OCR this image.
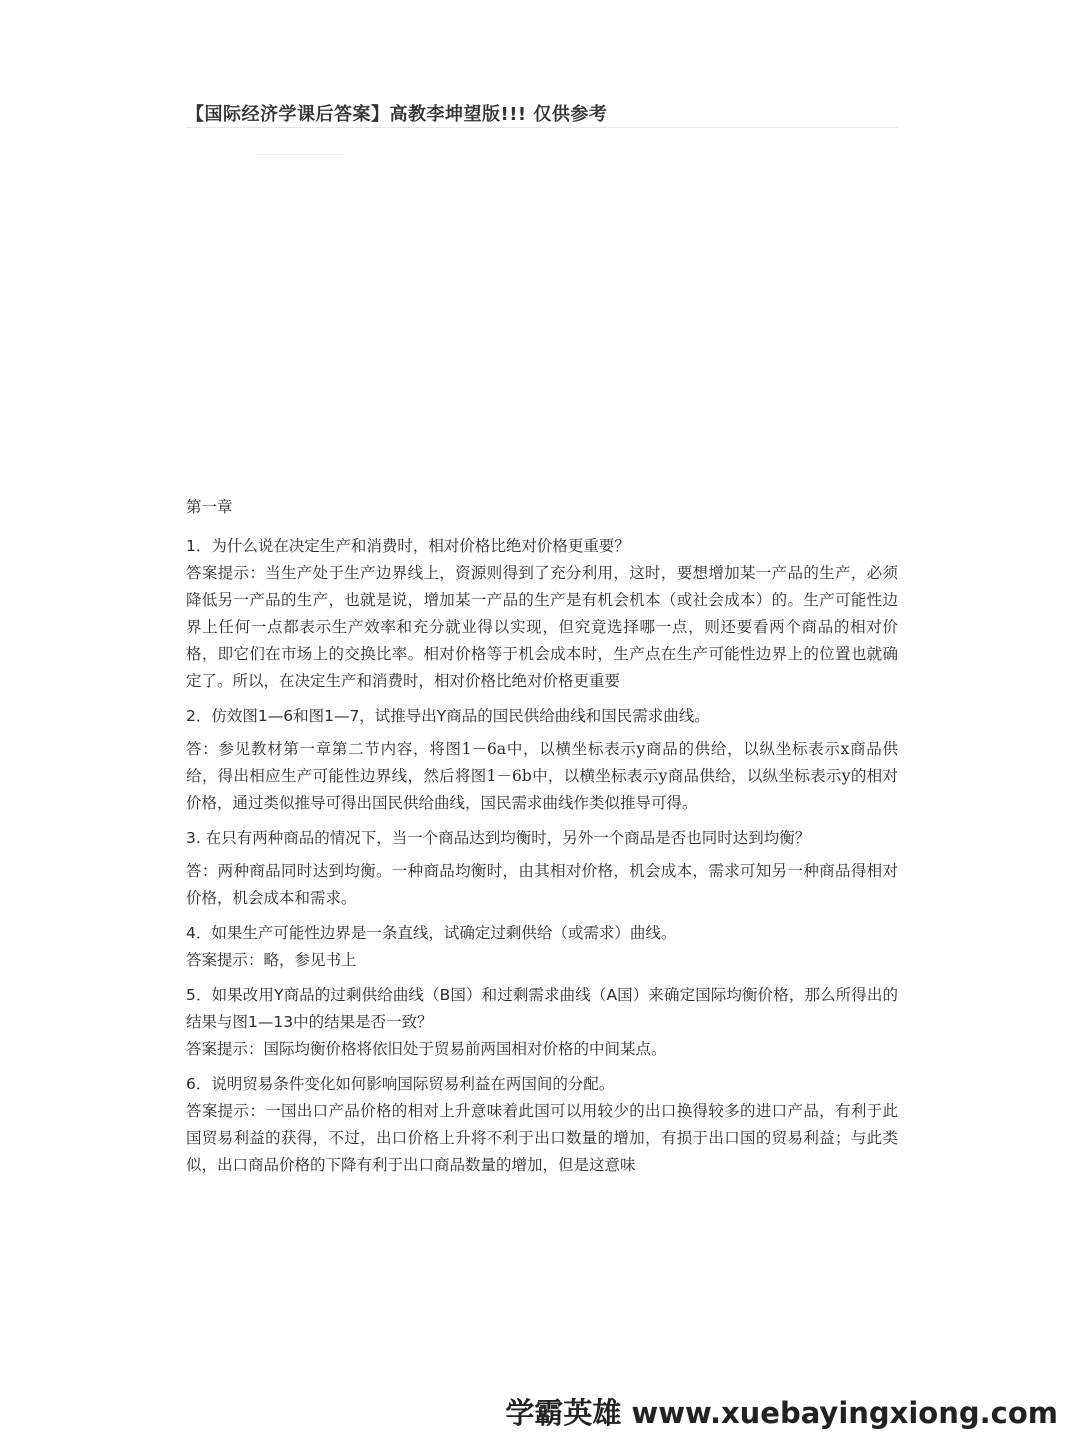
【国际经济学课后答案】高教李坤望版!!! 仅供参考

第一章

1．为什么说在决定生产和消费时，相对价格比绝对价格更重要？

答案提示：当生产处于生产边界线上，资源则得到了充分利用，这时，要想增加某一产品的生产，必须降低另一产品的生产，也就是说，增加某一产品的生产是有机会机本（或社会成本）的。生产可能性边界上任何一点都表示生产效率和充分就业得以实现，但究竟选择哪一点，则还要看两个商品的相对价格，即它们在市场上的交换比率。相对价格等于机会成本时，生产点在生产可能性边界上的位置也就确定了。所以，在决定生产和消费时，相对价格比绝对价格更重要

2．仿效图1—6和图1—7，试推导出Y商品的国民供给曲线和国民需求曲线。

答：参见教材第一章第二节内容，将图1－6a中，以横坐标表示y商品的供给，以纵坐标表示x商品供给，得出相应生产可能性边界线，然后将图1－6b中，以横坐标表示y商品供给，以纵坐标表示y的相对价格，通过类似推导可得出国民供给曲线，国民需求曲线作类似推导可得。

3. 在只有两种商品的情况下，当一个商品达到均衡时，另外一个商品是否也同时达到均衡？

答：两种商品同时达到均衡。一种商品均衡时，由其相对价格，机会成本，需求可知另一种商品得相对价格，机会成本和需求。

4．如果生产可能性边界是一条直线，试确定过剩供给（或需求）曲线。

答案提示：略，参见书上

5．如果改用Y商品的过剩供给曲线（B国）和过剩需求曲线（A国）来确定国际均衡价格，那么所得出的结果与图1—13中的结果是否一致？

答案提示：国际均衡价格将依旧处于贸易前两国相对价格的中间某点。

6．说明贸易条件变化如何影响国际贸易利益在两国间的分配。

答案提示：一国出口产品价格的相对上升意味着此国可以用较少的出口换得较多的进口产品，有利于此国贸易利益的获得，不过，出口价格上升将不利于出口数量的增加，有损于出口国的贸易利益；与此类似，出口商品价格的下降有利于出口商品数量的增加，但是这意味

学霸英雄 www.xuebayingxiong.com
